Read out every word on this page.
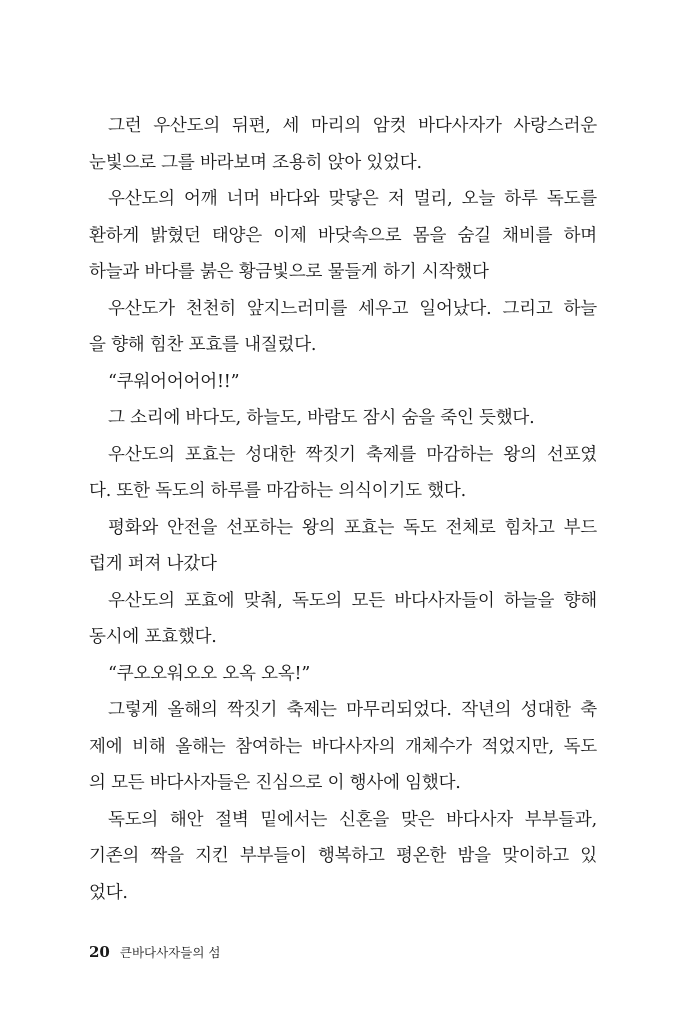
그런 우산도의 뒤편, 세 마리의 암컷 바다사자가 사랑스러운
눈빛으로 그를 바라보며 조용히 앉아 있었다.
우산도의 어깨 너머 바다와 맞닿은 저 멀리, 오늘 하루 독도를
환하게 밝혔던 태양은 이제 바닷속으로 몸을 숨길 채비를 하며
하늘과 바다를 붉은 황금빛으로 물들게 하기 시작했다
우산도가 천천히 앞지느러미를 세우고 일어났다. 그리고 하늘
을 향해 힘찬 포효를 내질렀다.
“쿠워어어어어!!”
그 소리에 바다도, 하늘도, 바람도 잠시 숨을 죽인 듯했다.
우산도의 포효는 성대한 짝짓기 축제를 마감하는 왕의 선포였
다. 또한 독도의 하루를 마감하는 의식이기도 했다.
평화와 안전을 선포하는 왕의 포효는 독도 전체로 힘차고 부드
럽게 퍼져 나갔다
우산도의 포효에 맞춰, 독도의 모든 바다사자들이 하늘을 향해
동시에 포효했다.
“쿠오오워오오 오옥 오옥!”
그렇게 올해의 짝짓기 축제는 마무리되었다. 작년의 성대한 축
제에 비해 올해는 참여하는 바다사자의 개체수가 적었지만, 독도
의 모든 바다사자들은 진심으로 이 행사에 임했다.
독도의 해안 절벽 밑에서는 신혼을 맞은 바다사자 부부들과,
기존의 짝을 지킨 부부들이 행복하고 평온한 밤을 맞이하고 있
었다.
20 큰바다사자들의 섬
